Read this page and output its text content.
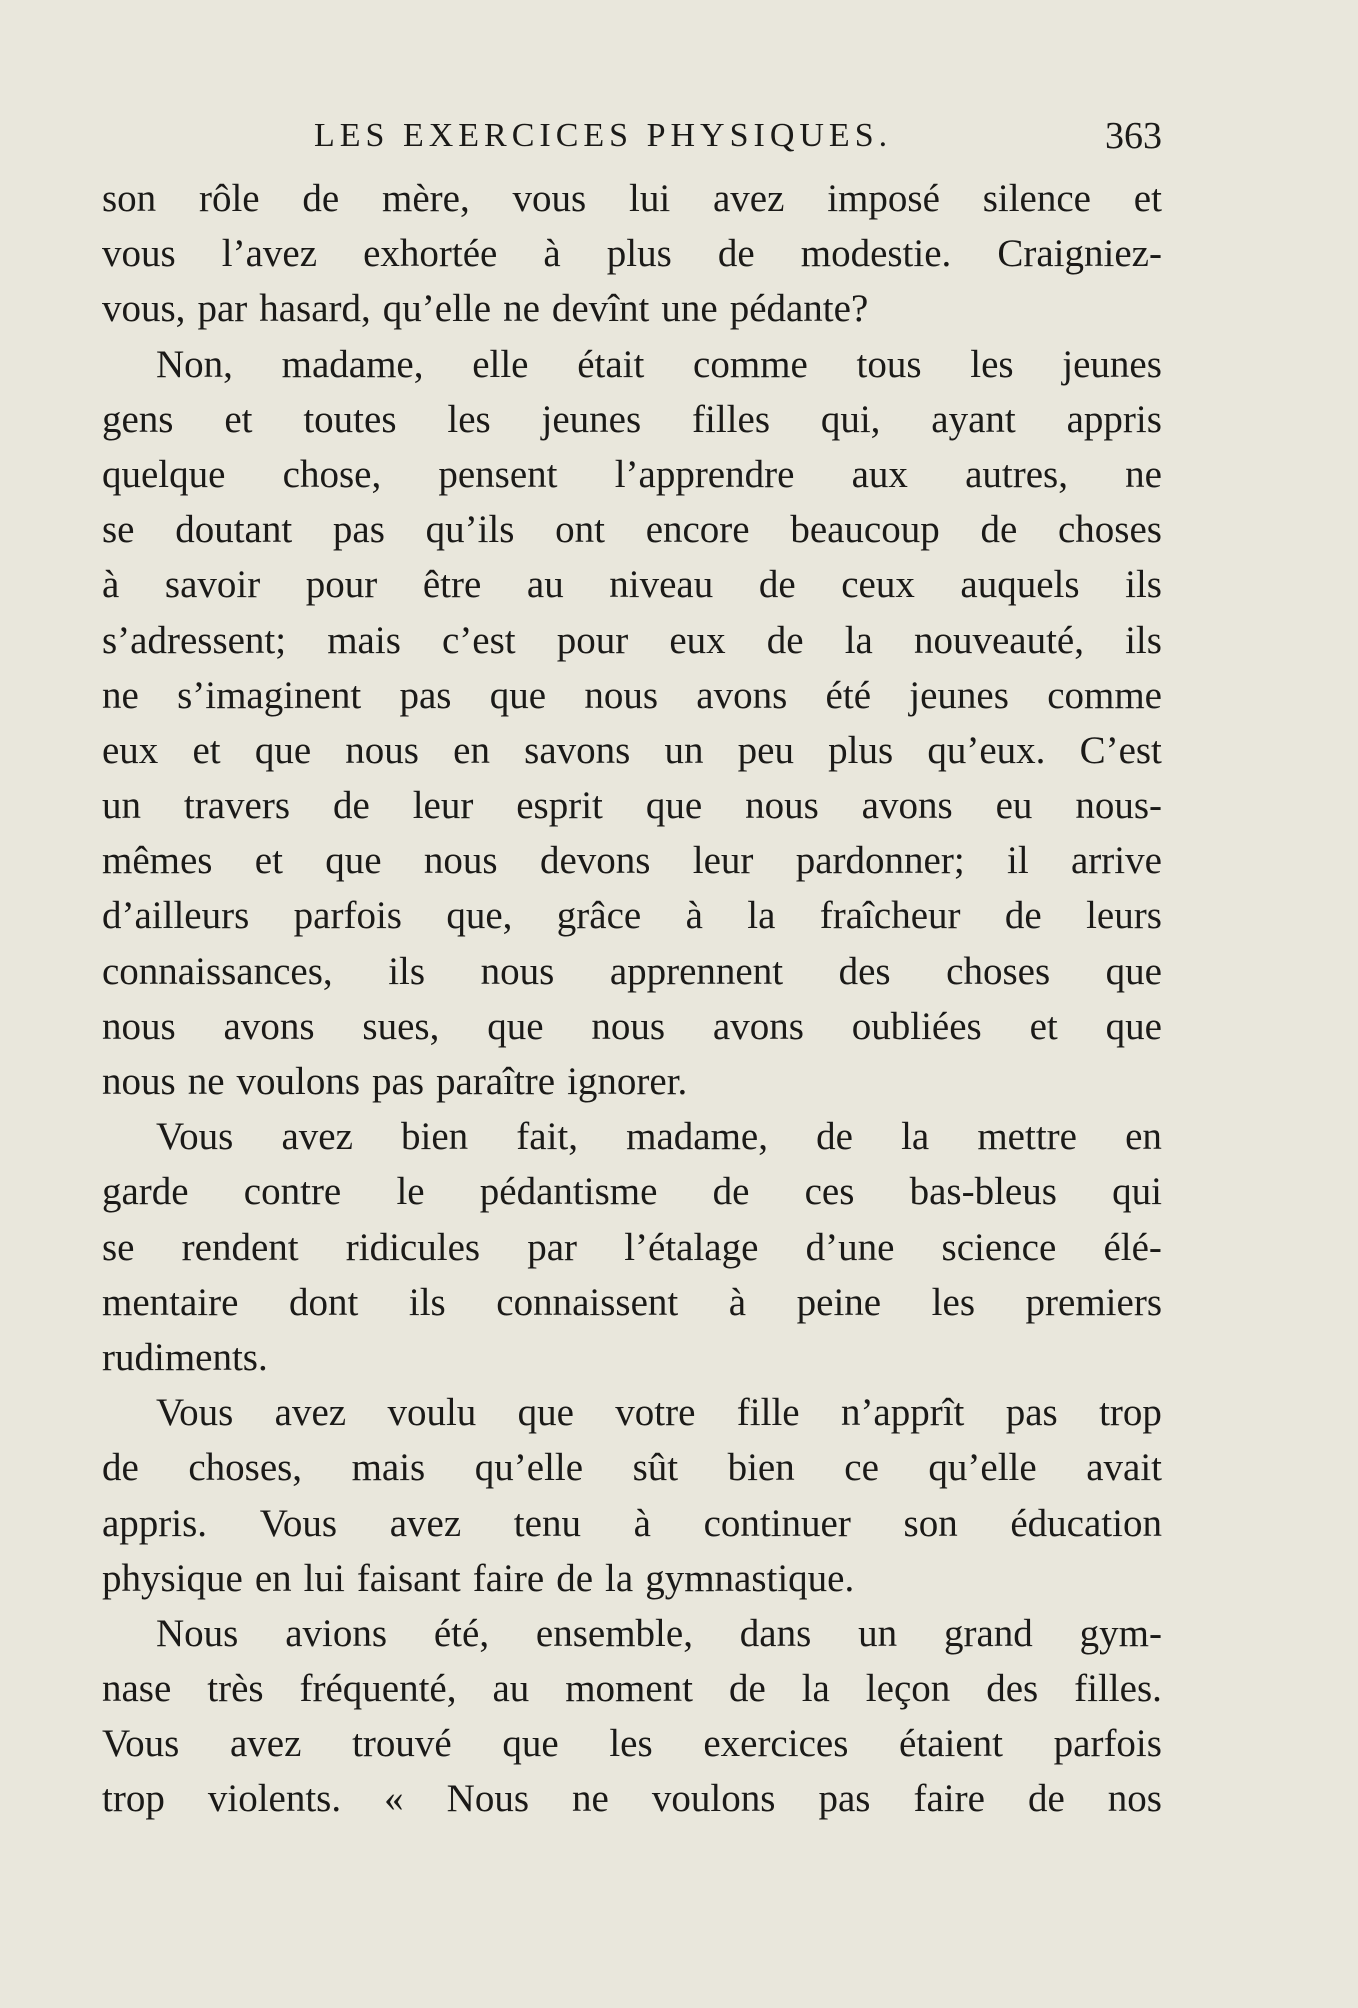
LES EXERCICES PHYSIQUES.	363
son rôle de mère, vous lui avez imposé silence et
vous l’avez exhortée à plus de modestie. Craigniez-
vous, par hasard, qu’elle ne devînt une pédante?
Non, madame, elle était comme tous les jeunes
gens et toutes les jeunes filles qui, ayant appris
quelque chose, pensent l’apprendre aux autres, ne
se doutant pas qu’ils ont encore beaucoup de choses
à savoir pour être au niveau de ceux auquels ils
s’adressent; mais c’est pour eux de la nouveauté, ils
ne s’imaginent pas que nous avons été jeunes comme
eux et que nous en savons un peu plus qu’eux. C’est
un travers de leur esprit que nous avons eu nous-
mêmes et que nous devons leur pardonner; il arrive
d’ailleurs parfois que, grâce à la fraîcheur de leurs
connaissances, ils nous apprennent des choses que
nous avons sues, que nous avons oubliées et que
nous ne voulons pas paraître ignorer.
Vous avez bien fait, madame, de la mettre en
garde contre le pédantisme de ces bas-bleus qui
se rendent ridicules par l’étalage d’une science élé-
mentaire dont ils connaissent à peine les premiers
rudiments.
Vous avez voulu que votre fille n’apprît pas trop
de choses, mais qu’elle sût bien ce qu’elle avait
appris. Vous avez tenu à continuer son éducation
physique en lui faisant faire de la gymnastique.
Nous avions été, ensemble, dans un grand gym-
nase très fréquenté, au moment de la leçon des filles.
Vous avez trouvé que les exercices étaient parfois
trop violents. « Nous ne voulons pas faire de nos
